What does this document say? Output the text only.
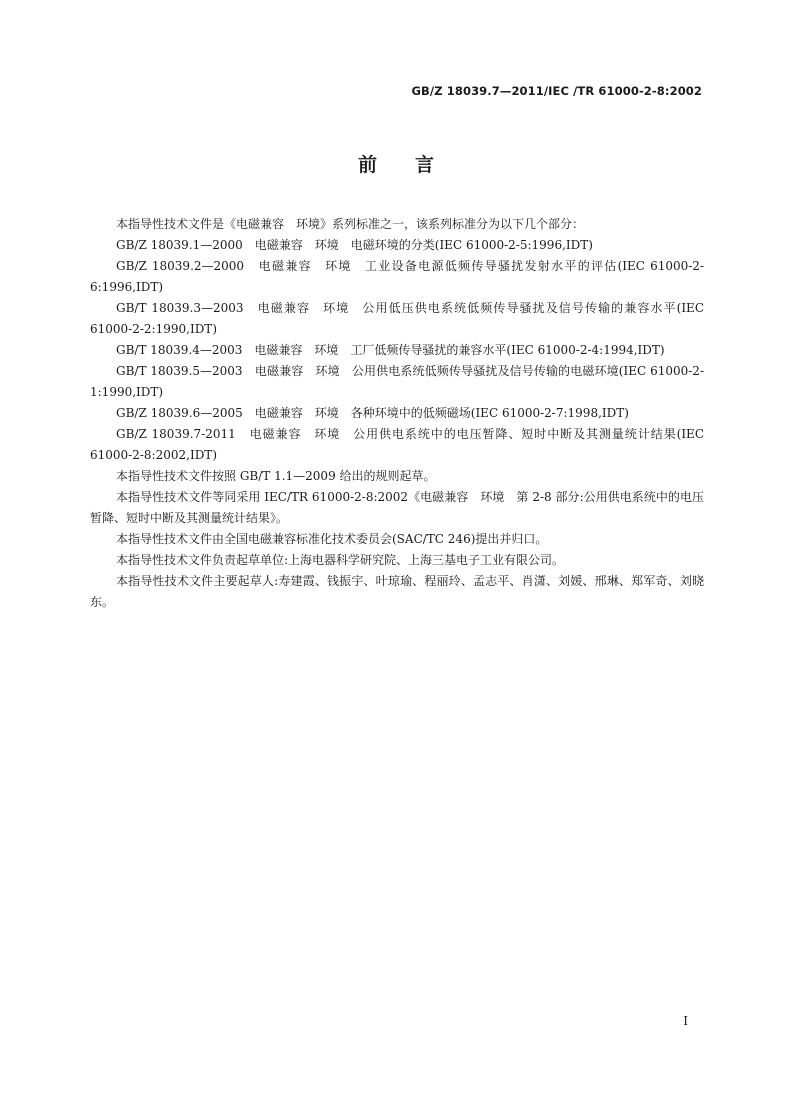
GB/Z 18039.7—2011/IEC /TR 61000-2-8:2002
前言

本指导性技术文件是《电磁兼容　环境》系列标准之一，该系列标准分为以下几个部分：

GB/Z 18039.1—2000　电磁兼容　环境　电磁环境的分类(IEC 61000-2-5:1996,IDT)

GB/Z 18039.2—2000　电磁兼容　环境　工业设备电源低频传导骚扰发射水平的评估(IEC 61000-2-6:1996,IDT)

GB/T 18039.3—2003　电磁兼容　环境　公用低压供电系统低频传导骚扰及信号传输的兼容水平(IEC 61000-2-2:1990,IDT)

GB/T 18039.4—2003　电磁兼容　环境　工厂低频传导骚扰的兼容水平(IEC 61000-2-4:1994,IDT)

GB/T 18039.5—2003　电磁兼容　环境　公用供电系统低频传导骚扰及信号传输的电磁环境(IEC 61000-2-1:1990,IDT)

GB/Z 18039.6—2005　电磁兼容　环境　各种环境中的低频磁场(IEC 61000-2-7:1998,IDT)

GB/Z 18039.7-2011　电磁兼容　环境　公用供电系统中的电压暂降、短时中断及其测量统计结果(IEC 61000-2-8:2002,IDT)

本指导性技术文件按照 GB/T 1.1—2009 给出的规则起草。

本指导性技术文件等同采用 IEC/TR 61000-2-8:2002《电磁兼容　环境　第 2-8 部分:公用供电系统中的电压暂降、短时中断及其测量统计结果》。

本指导性技术文件由全国电磁兼容标准化技术委员会(SAC/TC 246)提出并归口。

本指导性技术文件负责起草单位:上海电器科学研究院、上海三基电子工业有限公司。

本指导性技术文件主要起草人:寿建霞、钱振宇、叶琼瑜、程丽玲、孟志平、肖潇、刘媛、邢琳、郑军奇、刘晓东。

I
